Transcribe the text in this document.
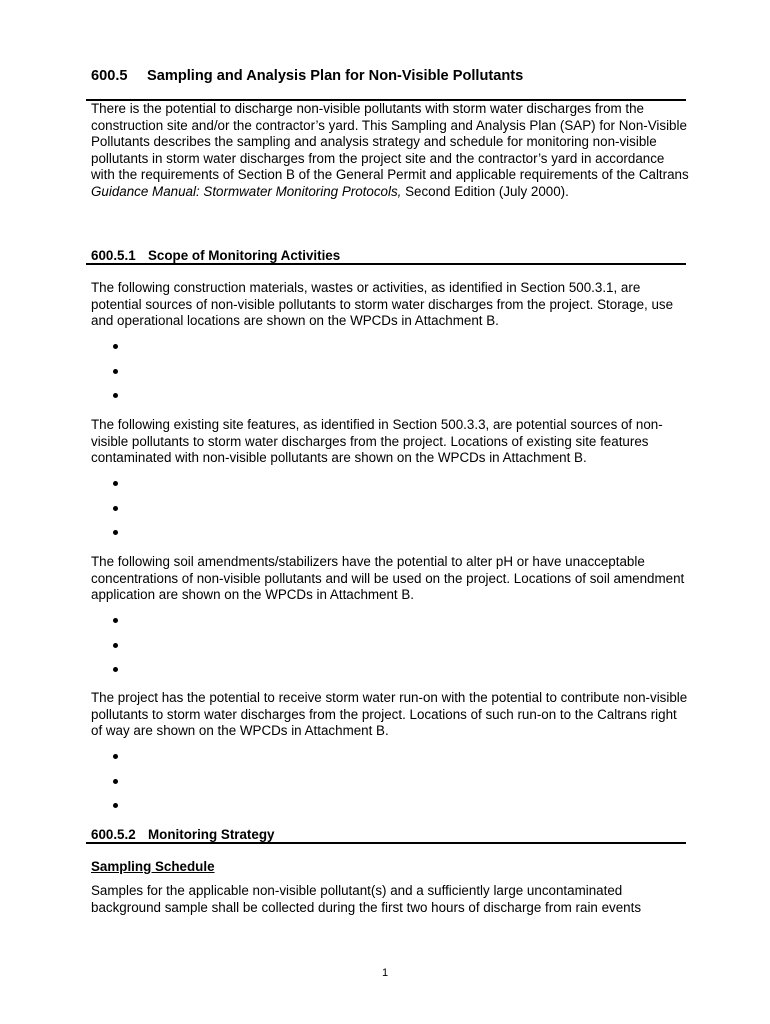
600.5 Sampling and Analysis Plan for Non-Visible Pollutants

There is the potential to discharge non-visible pollutants with storm water discharges from the construction site and/or the contractor’s yard. This Sampling and Analysis Plan (SAP) for Non-Visible Pollutants describes the sampling and analysis strategy and schedule for monitoring non-visible pollutants in storm water discharges from the project site and the contractor’s yard in accordance with the requirements of Section B of the General Permit and applicable requirements of the Caltrans Guidance Manual: Stormwater Monitoring Protocols, Second Edition (July 2000).

600.5.1 Scope of Monitoring Activities

The following construction materials, wastes or activities, as identified in Section 500.3.1, are potential sources of non-visible pollutants to storm water discharges from the project. Storage, use and operational locations are shown on the WPCDs in Attachment B.

The following existing site features, as identified in Section 500.3.3, are potential sources of non-visible pollutants to storm water discharges from the project. Locations of existing site features contaminated with non-visible pollutants are shown on the WPCDs in Attachment B.

The following soil amendments/stabilizers have the potential to alter pH or have unacceptable concentrations of non-visible pollutants and will be used on the project. Locations of soil amendment application are shown on the WPCDs in Attachment B.

The project has the potential to receive storm water run-on with the potential to contribute non-visible pollutants to storm water discharges from the project. Locations of such run-on to the Caltrans right of way are shown on the WPCDs in Attachment B.

600.5.2 Monitoring Strategy
Sampling Schedule

Samples for the applicable non-visible pollutant(s) and a sufficiently large uncontaminated background sample shall be collected during the first two hours of discharge from rain events

1
